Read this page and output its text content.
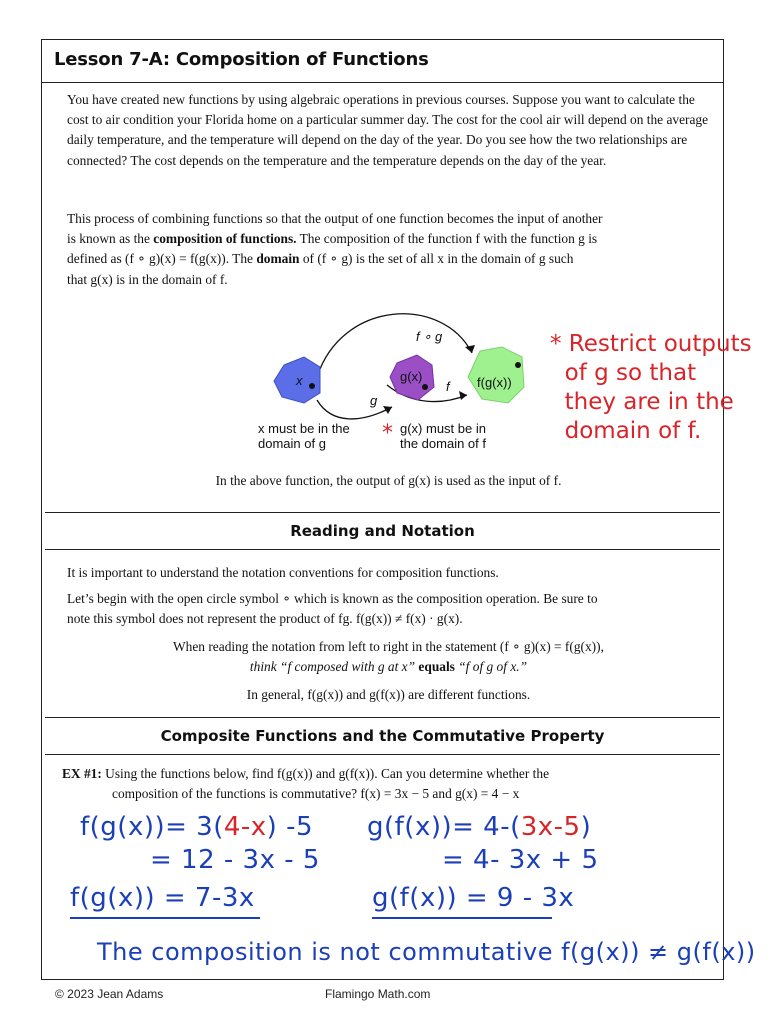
Lesson 7-A: Composition of Functions

You have created new functions by using algebraic operations in previous courses. Suppose you want to calculate the cost to air condition your Florida home on a particular summer day. The cost for the cool air will depend on the average daily temperature, and the temperature will depend on the day of the year. Do you see how the two relationships are connected? The cost depends on the temperature and the temperature depends on the day of the year.

This process of combining functions so that the output of one function becomes the input of another
is known as the composition of functions. The composition of the function f with the function g is
defined as (f ∘ g)(x) = f(g(x)). The domain of (f ∘ g) is the set of all x in the domain of g such
that g(x) is in the domain of f.

x	g(x)	f(g(x))
f ∘ g
g
f
x must be in the
domain of g
g(x) must be in
the domain of f
*
* Restrict outputs
of g so that
they are in the
domain of f.

In the above function, the output of g(x) is used as the input of f.

Reading and Notation

It is important to understand the notation conventions for composition functions.

Let’s begin with the open circle symbol ∘ which is known as the composition operation. Be sure to
note this symbol does not represent the product of fg. f(g(x)) ≠ f(x) · g(x).

When reading the notation from left to right in the statement (f ∘ g)(x) = f(g(x)),
think “f composed with g at x” equals “f of g of x.”

In general, f(g(x)) and g(f(x)) are different functions.

Composite Functions and the Commutative Property

EX #1: Using the functions below, find f(g(x)) and g(f(x)). Can you determine whether the
composition of the functions is commutative? f(x) = 3x − 5 and g(x) = 4 − x

f(g(x))= 3(4-x) -5
= 12 - 3x - 5
f(g(x)) = 7-3x
g(f(x))= 4-(3x-5)
= 4- 3x + 5
g(f(x)) = 9 - 3x
The composition is not commutative f(g(x)) ≠ g(f(x))
© 2023 Jean Adams	Flamingo Math.com
